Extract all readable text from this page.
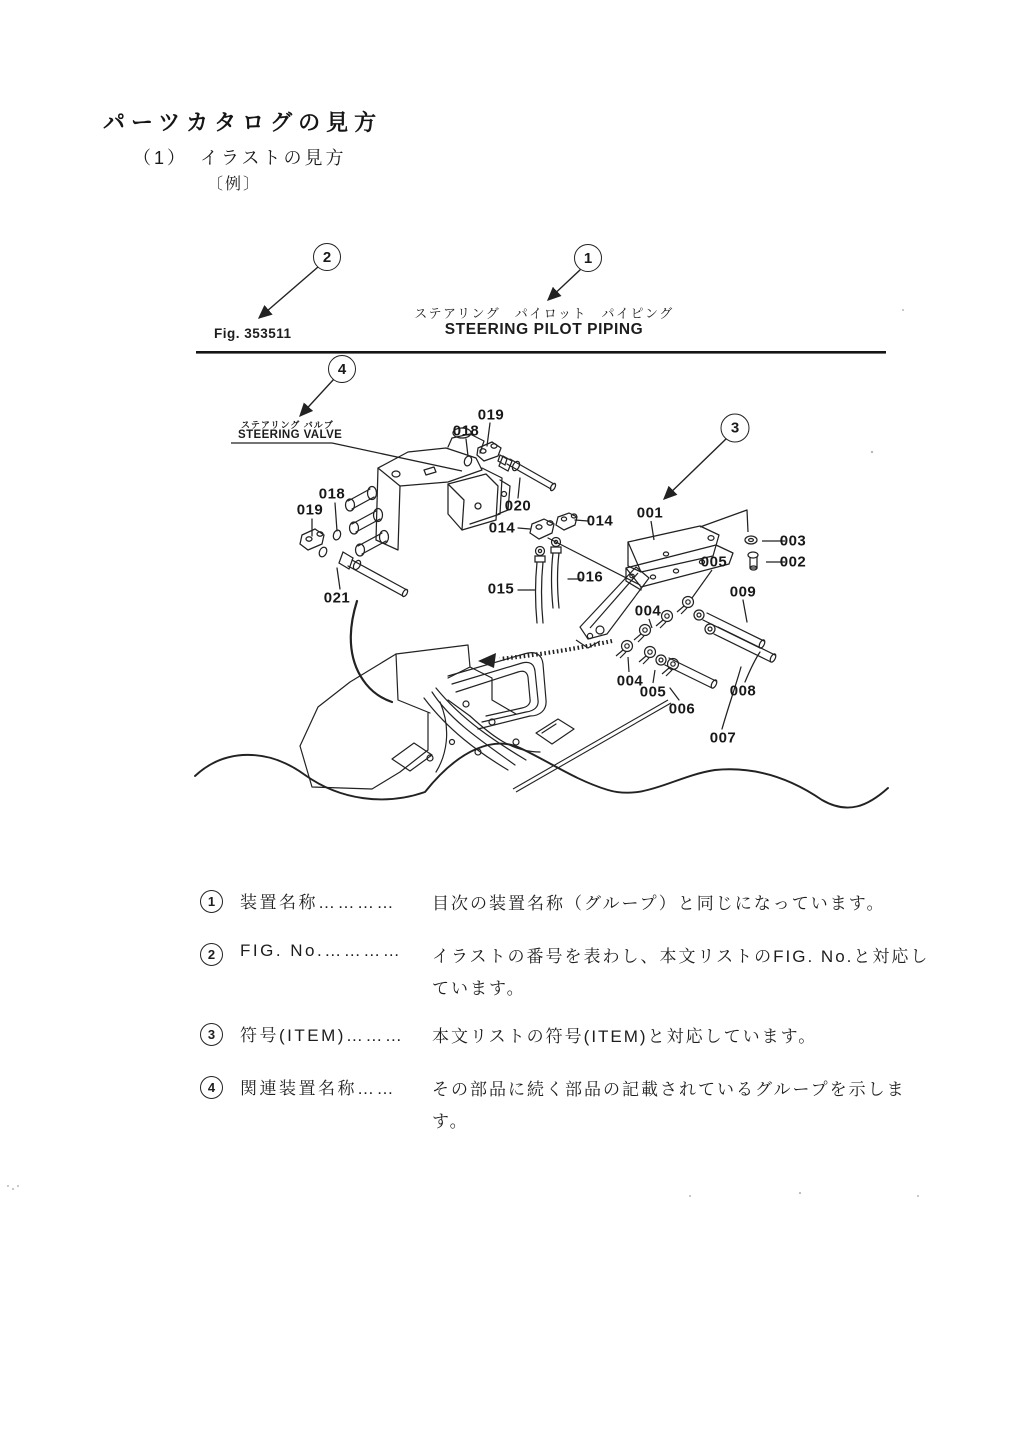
パーツカタログの見方
（1）　イラストの見方
〔例〕
Fig. 353511
ステアリング　パイロット　パイピング
STEERING PILOT PIPING
ステアリング バルブ
STEERING VALVE
2	1
4
3
019
018
020
014	014 001
003
002
005
009
016
015
018
019
021
004
004
005
006
007
008
1	装置名称………… 目次の装置名称（グループ）と同じになっています。
2	FIG. No.………… イラストの番号を表わし、本文リストのFIG. No.と対応しています。
3	符号(ITEM)……… 本文リストの符号(ITEM)と対応しています。
4	関連装置名称…… その部品に続く部品の記載されているグループを示します。
